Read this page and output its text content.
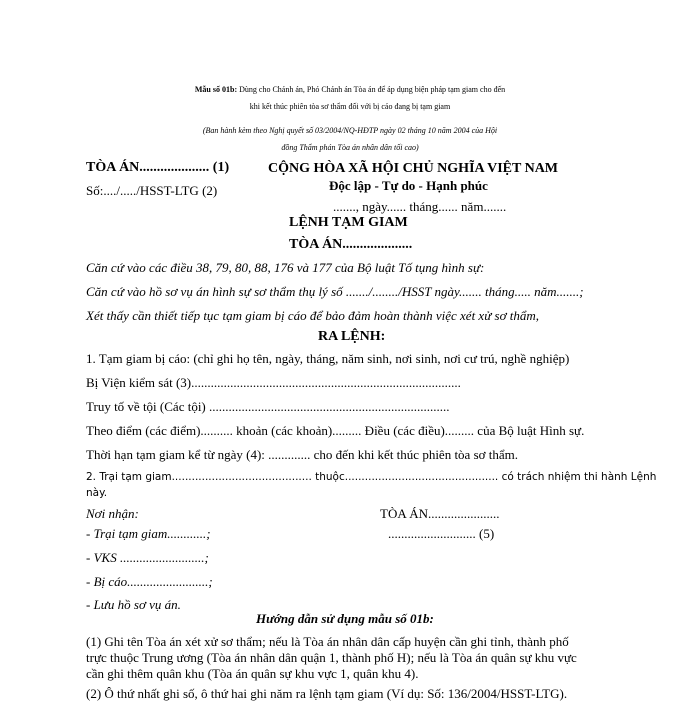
Mẫu số 01b: Dùng cho Chánh án, Phó Chánh án Tòa án để áp dụng biện pháp tạm giam cho đến
khi kết thúc phiên tòa sơ thẩm đối với bị cáo đang bị tạm giam
(Ban hành kèm theo Nghị quyết số 03/2004/NQ-HĐTP ngày 02 tháng 10 năm 2004 của Hội
đồng Thẩm phán Tòa án nhân dân tối cao)
TÒA ÁN.................... (1)
Số:..../...../HSST-LTG (2)
CỘNG HÒA XÃ HỘI CHỦ NGHĨA VIỆT NAM
Độc lập - Tự do - Hạnh phúc
......., ngày...... tháng...... năm.......
LỆNH TẠM GIAM
TÒA ÁN....................
Căn cứ vào các điều 38, 79, 80, 88, 176 và 177 của Bộ luật Tố tụng hình sự:
Căn cứ vào hồ sơ vụ án hình sự sơ thẩm thụ lý số ......./......../HSST ngày....... tháng..... năm.......;
Xét thấy cần thiết tiếp tục tạm giam bị cáo để bảo đảm hoàn thành việc xét xử sơ thẩm,
RA LỆNH:
1. Tạm giam bị cáo: (chỉ ghi họ tên, ngày, tháng, năm sinh, nơi sinh, nơi cư trú, nghề nghiệp)
Bị Viện kiểm sát (3)...................................................................................
Truy tố về tội (Các tội) ..........................................................................
Theo điểm (các điểm).......... khoản (các khoản)......... Điều (các điều)......... của Bộ luật Hình sự.
Thời hạn tạm giam kể từ ngày (4): ............. cho đến khi kết thúc phiên tòa sơ thẩm.
2. Trại tạm giam.......................................... thuộc.............................................. có trách nhiệm thi hành Lệnh
này.
Nơi nhận:
- Trại tạm giam............;
- VKS ..........................;
- Bị cáo.........................;
- Lưu hồ sơ vụ án.
TÒA ÁN......................
........................... (5)
Hướng dẫn sử dụng mẫu số 01b:
(1) Ghi tên Tòa án xét xử sơ thẩm; nếu là Tòa án nhân dân cấp huyện cần ghi tỉnh, thành phố
trực thuộc Trung ương (Tòa án nhân dân quận 1, thành phố H); nếu là Tòa án quân sự khu vực
cần ghi thêm quân khu (Tòa án quân sự khu vực 1, quân khu 4).
(2) Ô thứ nhất ghi số, ô thứ hai ghi năm ra lệnh tạm giam (Ví dụ: Số: 136/2004/HSST-LTG).
